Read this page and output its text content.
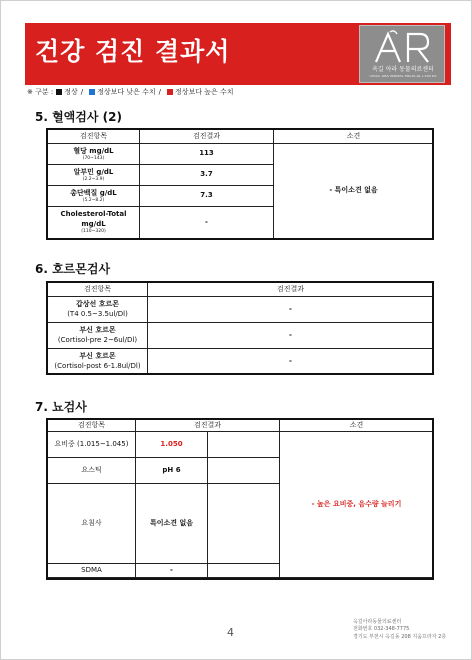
건강 검진 결과서
옥길 아라 동물의료센터
OKGIL ARA ANIMAL MEDICAL CENTER
※ 구분 : 정상 / 정상보다 낮은 수치 / 정상보다 높은 수치
5. 혈액검사 (2)
검진항목	검진결과	소견

혈당 mg/dL
(70~143)	113	- 특이소견 없음

알부민 g/dL
(2.2~3.9)	3.7	

총단백질 g/dL
(5.2~8.2)	7.3	

Cholesterol-Total mg/dL
(110~320)	-	
6. 호르몬검사
검진항목	검진결과

갑상선 호르몬
(T4 0.5~3.5ul/Dl)	-

부신 호르몬
(Cortisol-pre 2~6ul/Dl)	-

부신 호르몬
(Cortisol-post 6-1.8ul/Dl)	-
7. 뇨검사
검진항목	검진결과		소견
요비중 (1.015~1.045)	1.050		- 높은 요비중, 음수량 늘리기
요스틱	pH 6		
요침사	특이소견 없음		
SDMA	-		
4
옥길아라동물의료센터
전화번호 032-348-7775
경기도 부천시 옥길동 208 지움프라자 2층
